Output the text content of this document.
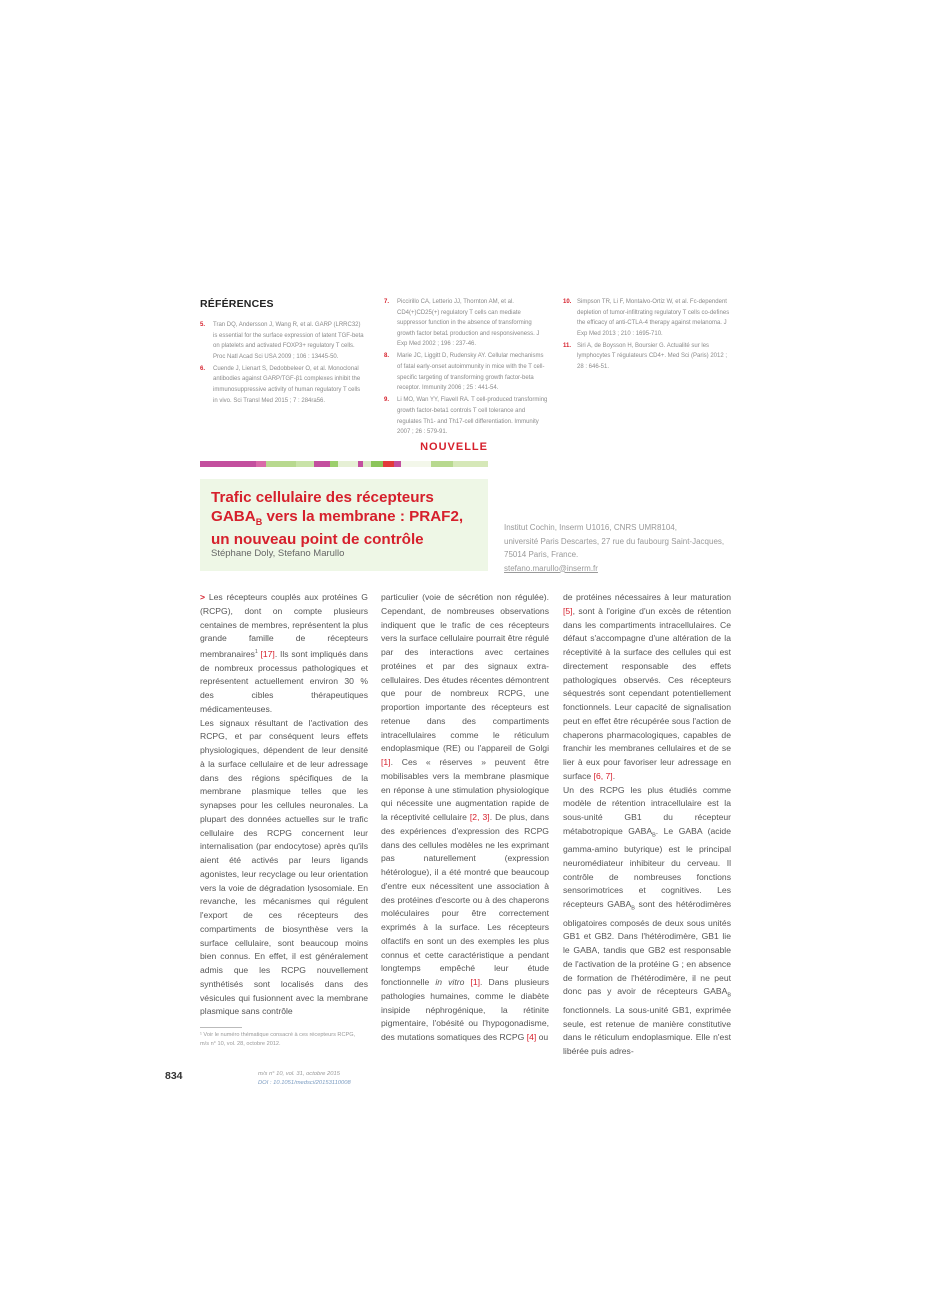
RÉFÉRENCES
5. Tran DQ, Andersson J, Wang R, et al. GARP (LRRC32) is essential for the surface expression of latent TGF-beta on platelets and activated FOXP3+ regulatory T cells. Proc Natl Acad Sci USA 2009 ; 106 : 13445-50.
6. Cuende J, Lienart S, Dedobbeleer O, et al. Monoclonal antibodies against GARP/TGF-β1 complexes inhibit the immunosuppressive activity of human regulatory T cells in vivo. Sci Transl Med 2015 ; 7 : 284ra56.
7. Piccirillo CA, Letterio JJ, Thornton AM, et al. CD4(+)CD25(+) regulatory T cells can mediate suppressor function in the absence of transforming growth factor beta1 production and responsiveness. J Exp Med 2002 ; 196 : 237-46.
8. Marie JC, Liggitt D, Rudensky AY. Cellular mechanisms of fatal early-onset autoimmunity in mice with the T cell-specific targeting of transforming growth factor-beta receptor. Immunity 2006 ; 25 : 441-54.
9. Li MO, Wan YY, Flavell RA. T cell-produced transforming growth factor-beta1 controls T cell tolerance and regulates Th1- and Th17-cell differentiation. Immunity 2007 ; 26 : 579-91.
10. Simpson TR, Li F, Montalvo-Ortiz W, et al. Fc-dependent depletion of tumor-infiltrating regulatory T cells co-defines the efficacy of anti-CTLA-4 therapy against melanoma. J Exp Med 2013 ; 210 : 1695-710.
11. Siri A, de Boysson H, Boursier G. Actualité sur les lymphocytes T régulateurs CD4+. Med Sci (Paris) 2012 ; 28 : 646-51.
NOUVELLE
Trafic cellulaire des récepteurs
$GABA_B$ vers la membrane : PRAF2,
un nouveau point de contrôle
Stéphane Doly, Stefano Marullo
Institut Cochin, Inserm U1016, CNRS UMR8104,
université Paris Descartes, 27 rue du faubourg Saint-Jacques,
75014 Paris, France.
stefano.marullo@inserm.fr

> Les récepteurs couplés aux protéines G (RCPG), dont on compte plusieurs centaines de membres, représentent la plus grande famille de récepteurs membranaires$^1$ [17]. Ils sont impliqués dans de nombreux processus pathologiques et représentent actuellement environ 30 % des cibles thérapeutiques médicamenteuses.

Les signaux résultant de l'activation des RCPG, et par conséquent leurs effets physiologiques, dépendent de leur densité à la surface cellulaire et de leur adressage dans des régions spécifiques de la membrane plasmique telles que les synapses pour les cellules neuronales. La plupart des données actuelles sur le trafic cellulaire des RCPG concernent leur internalisation (par endocytose) après qu'ils aient été activés par leurs ligands agonistes, leur recyclage ou leur orientation vers la voie de dégradation lysosomiale. En revanche, les mécanismes qui régulent l'export de ces récepteurs des compartiments de biosynthèse vers la surface cellulaire, sont beaucoup moins bien connus. En effet, il est généralement admis que les RCPG nouvellement synthétisés sont localisés dans des vésicules qui fusionnent avec la membrane plasmique sans contrôle

particulier (voie de sécrétion non régulée). Cependant, de nombreuses observations indiquent que le trafic de ces récepteurs vers la surface cellulaire pourrait être régulé par des interactions avec certaines protéines et par des signaux extra-cellulaires. Des études récentes démontrent que pour de nombreux RCPG, une proportion importante des récepteurs est retenue dans des compartiments intracellulaires comme le réticulum endoplasmique (RE) ou l'appareil de Golgi [1]. Ces « réserves » peuvent être mobilisables vers la membrane plasmique en réponse à une stimulation physiologique qui nécessite une augmentation rapide de la réceptivité cellulaire [2, 3]. De plus, dans des expériences d'expression des RCPG dans des cellules modèles ne les exprimant pas naturellement (expression hétérologue), il a été montré que beaucoup d'entre eux nécessitent une association à des protéines d'escorte ou à des chaperons moléculaires pour être correctement exprimés à la surface. Les récepteurs olfactifs en sont un des exemples les plus connus et cette caractéristique a pendant longtemps empêché leur étude fonctionnelle in vitro [1]. Dans plusieurs pathologies humaines, comme le diabète insipide néphrogénique, la rétinite pigmentaire, l'obésité ou l'hypogonadisme, des mutations somatiques des RCPG [4] ou

de protéines nécessaires à leur maturation [5], sont à l'origine d'un excès de rétention dans les compartiments intracellulaires. Ce défaut s'accompagne d'une altération de la réceptivité à la surface des cellules qui est directement responsable des effets pathologiques observés. Ces récepteurs séquestrés sont cependant potentiellement fonctionnels. Leur capacité de signalisation peut en effet être récupérée sous l'action de chaperons pharmacologiques, capables de franchir les membranes cellulaires et de se lier à eux pour favoriser leur adressage en surface [6, 7].

Un des RCPG les plus étudiés comme modèle de rétention intracellulaire est la sous-unité GB1 du récepteur métabotropique $GABA_B$. Le GABA (acide gamma-amino butyrique) est le principal neuromédiateur inhibiteur du cerveau. Il contrôle de nombreuses fonctions sensorimotrices et cognitives. Les récepteurs $GABA_B$ sont des hétérodimères obligatoires composés de deux sous unités GB1 et GB2. Dans l'hétérodimère, GB1 lie le GABA, tandis que GB2 est responsable de l'activation de la protéine G ; en absence de formation de l'hétérodimère, il ne peut donc pas y avoir de récepteurs $GABA_B$ fonctionnels. La sous-unité GB1, exprimée seule, est retenue de manière constitutive dans le réticulum endoplasmique. Elle n'est libérée puis adres-

¹ Voir le numéro thématique consacré à ces récepteurs RCPG,
m/s n° 10, vol. 28, octobre 2012.
834	m/s n° 10, vol. 31, octobre 2015
DOI : 10.1051/medsci/20153110008
